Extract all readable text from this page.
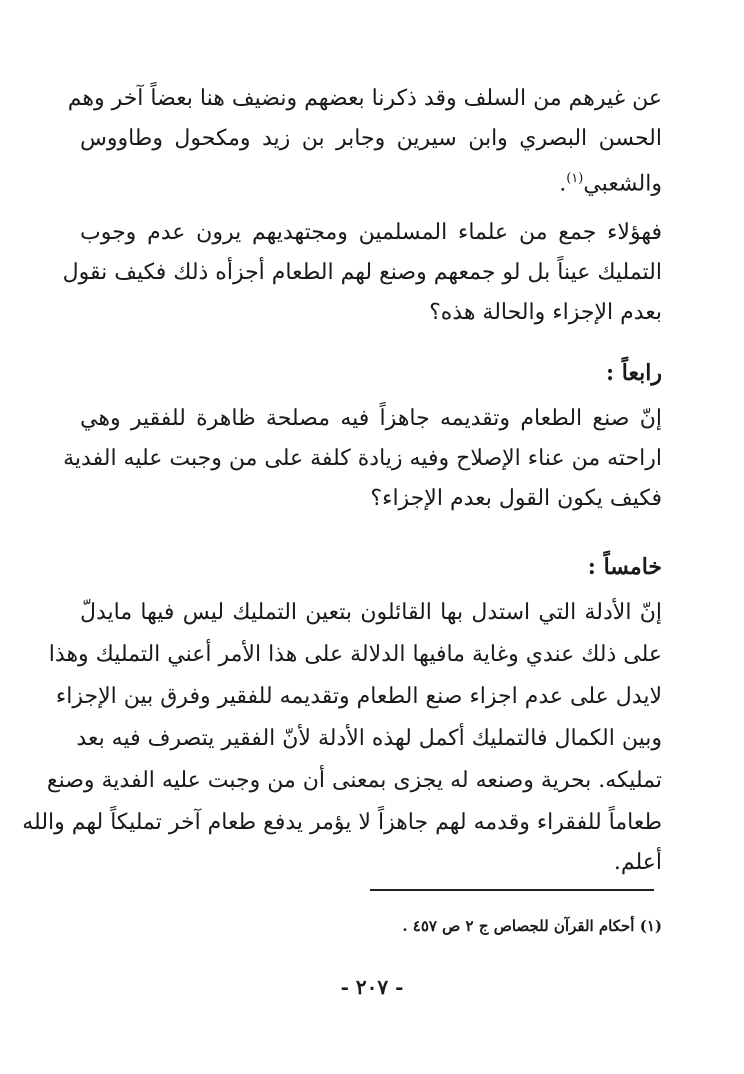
عن غيرهم من السلف وقد ذكرنا بعضهم ونضيف هنا بعضاً آخر وهم
الحسن البصري وابن سيرين وجابر بن زيد ومكحول وطاووس
والشعبي$^{(١)}$.
فهؤلاء جمع من علماء المسلمين ومجتهديهم يرون عدم وجوب
التمليك عيناً بل لو جمعهم وصنع لهم الطعام أجزأه ذلك فكيف نقول
بعدم الإجزاء والحالة هذه؟
رابعاً :
إنّ صنع الطعام وتقديمه جاهزاً فيه مصلحة ظاهرة للفقير وهي
اراحته من عناء الإصلاح وفيه زيادة كلفة على من وجبت عليه الفدية
فكيف يكون القول بعدم الإجزاء؟
خامساً :
إنّ الأدلة التي استدل بها القائلون بتعين التمليك ليس فيها مايدلّ
على ذلك عندي وغاية مافيها الدلالة على هذا الأمر أعني التمليك وهذا
لايدل على عدم اجزاء صنع الطعام وتقديمه للفقير وفرق بين الإجزاء
وبين الكمال فالتمليك أكمل لهذه الأدلة لأنّ الفقير يتصرف فيه بعد
تمليكه. بحرية وصنعه له يجزى بمعنى أن من وجبت عليه الفدية وصنع
طعاماً للفقراء وقدمه لهم جاهزاً لا يؤمر يدفع طعام آخر تمليكاً لهم والله
أعلم.
(١) أحكام القرآن للجصاص ج ٢ ص ٤٥٧ .
- ٢٠٧ -
